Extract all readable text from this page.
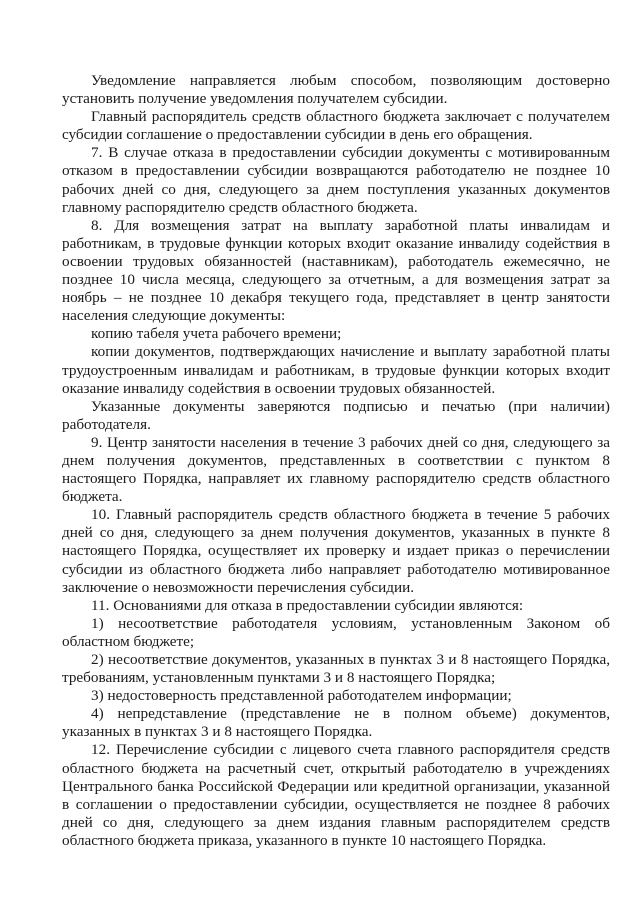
Уведомление направляется любым способом, позволяющим достоверно установить получение уведомления получателем субсидии.

Главный распорядитель средств областного бюджета заключает с получателем субсидии соглашение о предоставлении субсидии в день его обращения.

7. В случае отказа в предоставлении субсидии документы с мотивированным отказом в предоставлении субсидии возвращаются работодателю не позднее 10 рабочих дней со дня, следующего за днем поступления указанных документов главному распорядителю средств областного бюджета.

8. Для возмещения затрат на выплату заработной платы инвалидам и работникам, в трудовые функции которых входит оказание инвалиду содействия в освоении трудовых обязанностей (наставникам), работодатель ежемесячно, не позднее 10 числа месяца, следующего за отчетным, а для возмещения затрат за ноябрь – не позднее 10 декабря текущего года, представляет в центр занятости населения следующие документы:

копию табеля учета рабочего времени;

копии документов, подтверждающих начисление и выплату заработной платы трудоустроенным инвалидам и работникам, в трудовые функции которых входит оказание инвалиду содействия в освоении трудовых обязанностей.

Указанные документы заверяются подписью и печатью (при наличии) работодателя.

9. Центр занятости населения в течение 3 рабочих дней со дня, следующего за днем получения документов, представленных в соответствии с пунктом 8 настоящего Порядка, направляет их главному распорядителю средств областного бюджета.

10. Главный распорядитель средств областного бюджета в течение 5 рабочих дней со дня, следующего за днем получения документов, указанных в пункте 8 настоящего Порядка, осуществляет их проверку и издает приказ о перечислении субсидии из областного бюджета либо направляет работодателю мотивированное заключение о невозможности перечисления субсидии.

11. Основаниями для отказа в предоставлении субсидии являются:

1) несоответствие работодателя условиям, установленным Законом об областном бюджете;

2) несоответствие документов, указанных в пунктах 3 и 8 настоящего Порядка, требованиям, установленным пунктами 3 и 8 настоящего Порядка;

3) недостоверность представленной работодателем информации;

4) непредставление (представление не в полном объеме) документов, указанных в пунктах 3 и 8 настоящего Порядка.

12. Перечисление субсидии с лицевого счета главного распорядителя средств областного бюджета на расчетный счет, открытый работодателю в учреждениях Центрального банка Российской Федерации или кредитной организации, указанной в соглашении о предоставлении субсидии, осуществляется не позднее 8 рабочих дней со дня, следующего за днем издания главным распорядителем средств областного бюджета приказа, указанного в пункте 10 настоящего Порядка.
